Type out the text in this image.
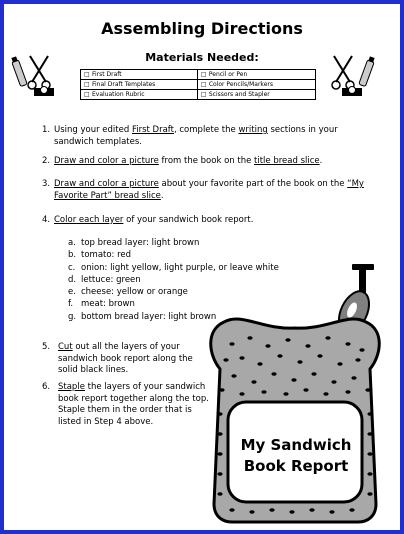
Assembling Directions
Materials Needed:
□ First Draft	□ Pencil or Pen
□ Final Draft Templates	□ Color Pencils/Markers
□ Evaluation Rubric	□ Scissors and Stapler
1. Using your edited First Draft, complete the writing sections in your sandwich templates.
2. Draw and color a picture from the book on the title bread slice.
3. Draw and color a picture about your favorite part of the book on the “My Favorite Part” bread slice.
4. Color each layer of your sandwich book report.
a. top bread layer: light brown
b. tomato: red
c. onion: light yellow, light purple, or leave white
d. lettuce: green
e. cheese: yellow or orange
f. meat: brown
g. bottom bread layer: light brown
5. Cut out all the layers of your sandwich book report along the solid black lines.
6. Staple the layers of your sandwich book report together along the top. Staple them in the order that is listed in Step 4 above.
My Sandwich
Book Report
